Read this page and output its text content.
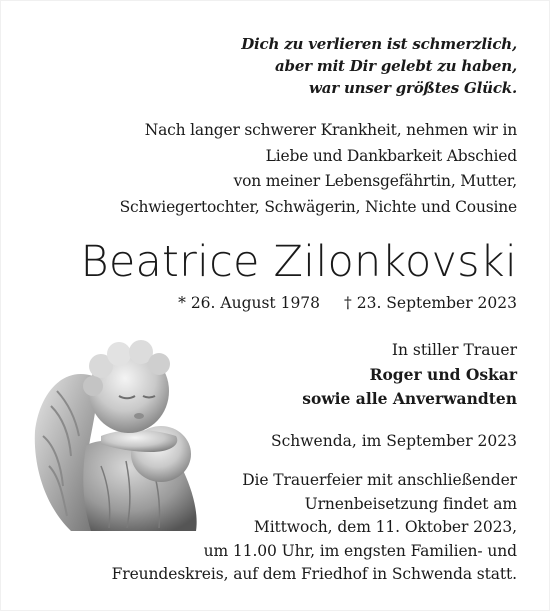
Dich zu verlieren ist schmerzlich,
aber mit Dir gelebt zu haben,
war unser größtes Glück.
Nach langer schwerer Krankheit, nehmen wir in
Liebe und Dankbarkeit Abschied
von meiner Lebensgefährtin, Mutter,
Schwiegertochter, Schwägerin, Nichte und Cousine
Beatrice Zilonkovski
* 26. August 1978 † 23. September 2023
In stiller Trauer
Roger und Oskar
sowie alle Anverwandten
Schwenda, im September 2023
Die Trauerfeier mit anschließender
Urnenbeisetzung findet am
Mittwoch, dem 11. Oktober 2023,
um 11.00 Uhr, im engsten Familien- und
Freundeskreis, auf dem Friedhof in Schwenda statt.
